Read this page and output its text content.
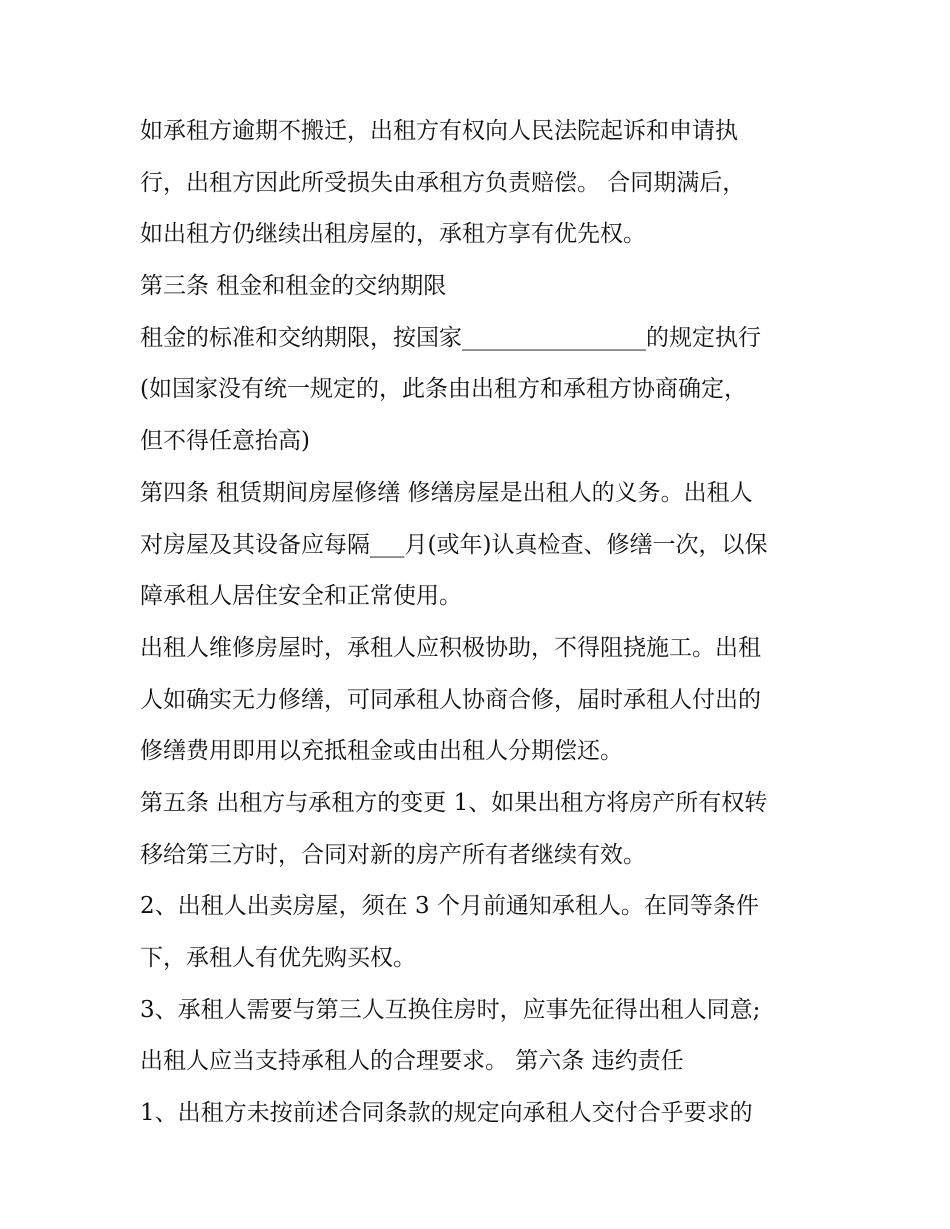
如承租方逾期不搬迁，出租方有权向人民法院起诉和申请执
行，出租方因此所受损失由承租方负责赔偿。 合同期满后，
如出租方仍继续出租房屋的，承租方享有优先权。
第三条 租金和租金的交纳期限
租金的标准和交纳期限，按国家________________的规定执行
(如国家没有统一规定的，此条由出租方和承租方协商确定，
但不得任意抬高)
第四条 租赁期间房屋修缮 修缮房屋是出租人的义务。出租人
对房屋及其设备应每隔___月(或年)认真检查、修缮一次，以保
障承租人居住安全和正常使用。
出租人维修房屋时，承租人应积极协助，不得阻挠施工。出租
人如确实无力修缮，可同承租人协商合修，届时承租人付出的
修缮费用即用以充抵租金或由出租人分期偿还。
第五条 出租方与承租方的变更 1、如果出租方将房产所有权转
移给第三方时，合同对新的房产所有者继续有效。
2、出租人出卖房屋，须在 3 个月前通知承租人。在同等条件
下，承租人有优先购买权。
3、承租人需要与第三人互换住房时，应事先征得出租人同意;
出租人应当支持承租人的合理要求。 第六条 违约责任
1、出租方未按前述合同条款的规定向承租人交付合乎要求的
